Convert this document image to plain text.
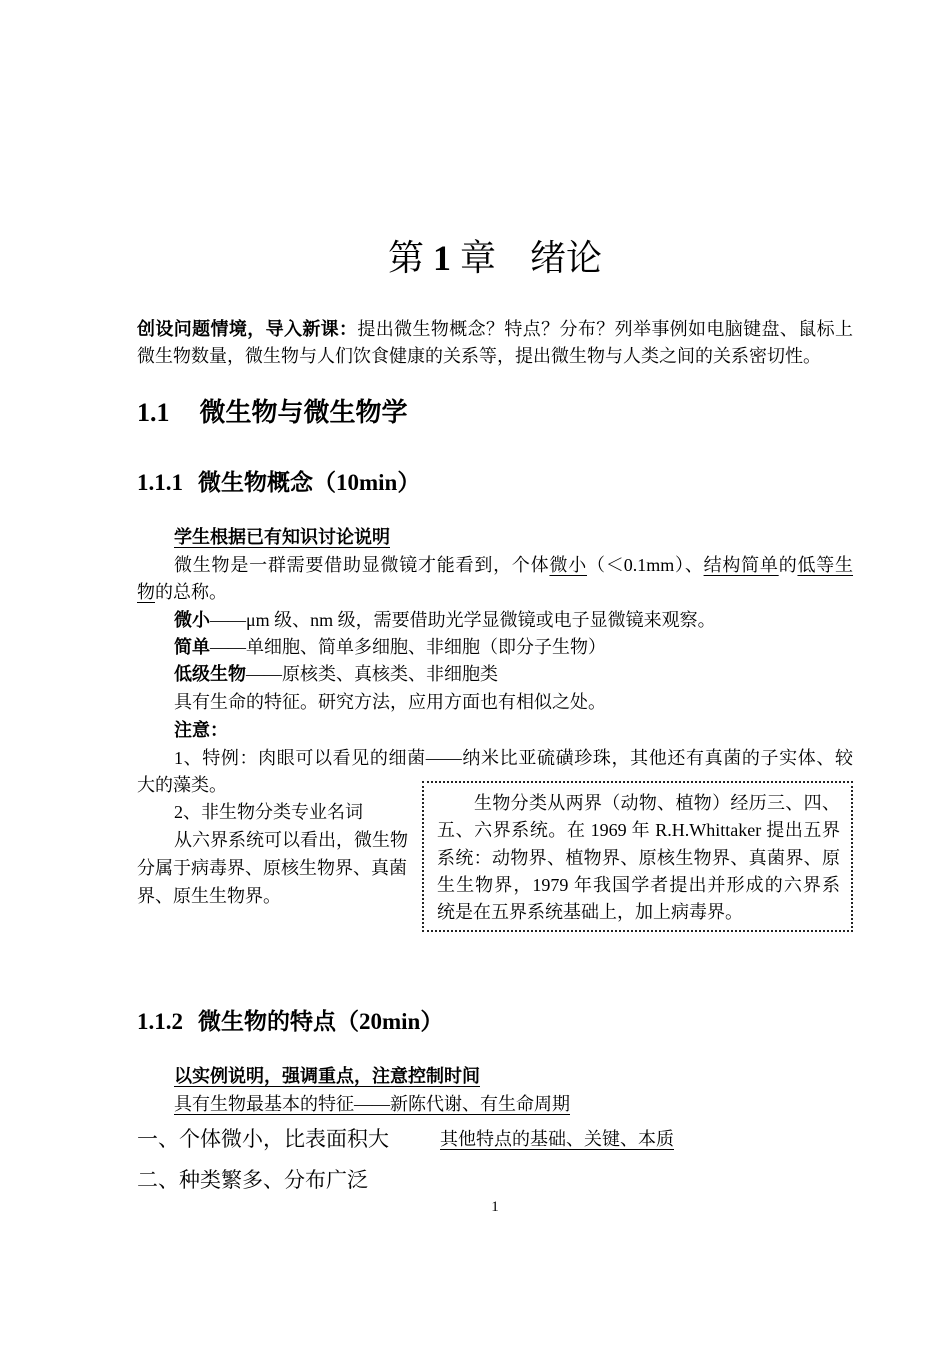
第 1 章 绪论
创设问题情境，导入新课：提出微生物概念？特点？分布？列举事例如电脑键盘、鼠标上
微生物数量，微生物与人们饮食健康的关系等，提出微生物与人类之间的关系密切性。
1.1 微生物与微生物学
1.1.1 微生物概念（10min）
学生根据已有知识讨论说明
微生物是一群需要借助显微镜才能看到，个体微小（＜0.1mm）、结构简单的低等生
物的总称。
微小——μm 级、nm 级，需要借助光学显微镜或电子显微镜来观察。
简单——单细胞、简单多细胞、非细胞（即分子生物）
低级生物——原核类、真核类、非细胞类
具有生命的特征。研究方法，应用方面也有相似之处。
注意：
1、特例：肉眼可以看见的细菌——纳米比亚硫磺珍珠，其他还有真菌的子实体、较
大的藻类。
2、非生物分类专业名词
从六界系统可以看出，微生物
分属于病毒界、原核生物界、真菌
界、原生生物界。
生物分类从两界（动物、植物）经历三、四、
五、六界系统。在 1969 年 R.H.Whittaker 提出五界
系统：动物界、植物界、原核生物界、真菌界、原
生生物界，1979 年我国学者提出并形成的六界系
统是在五界系统基础上，加上病毒界。
1.1.2 微生物的特点（20min）
以实例说明，强调重点，注意控制时间
具有生物最基本的特征——新陈代谢、有生命周期
一、个体微小，比表面积大	其他特点的基础、关键、本质
二、种类繁多、分布广泛
1
